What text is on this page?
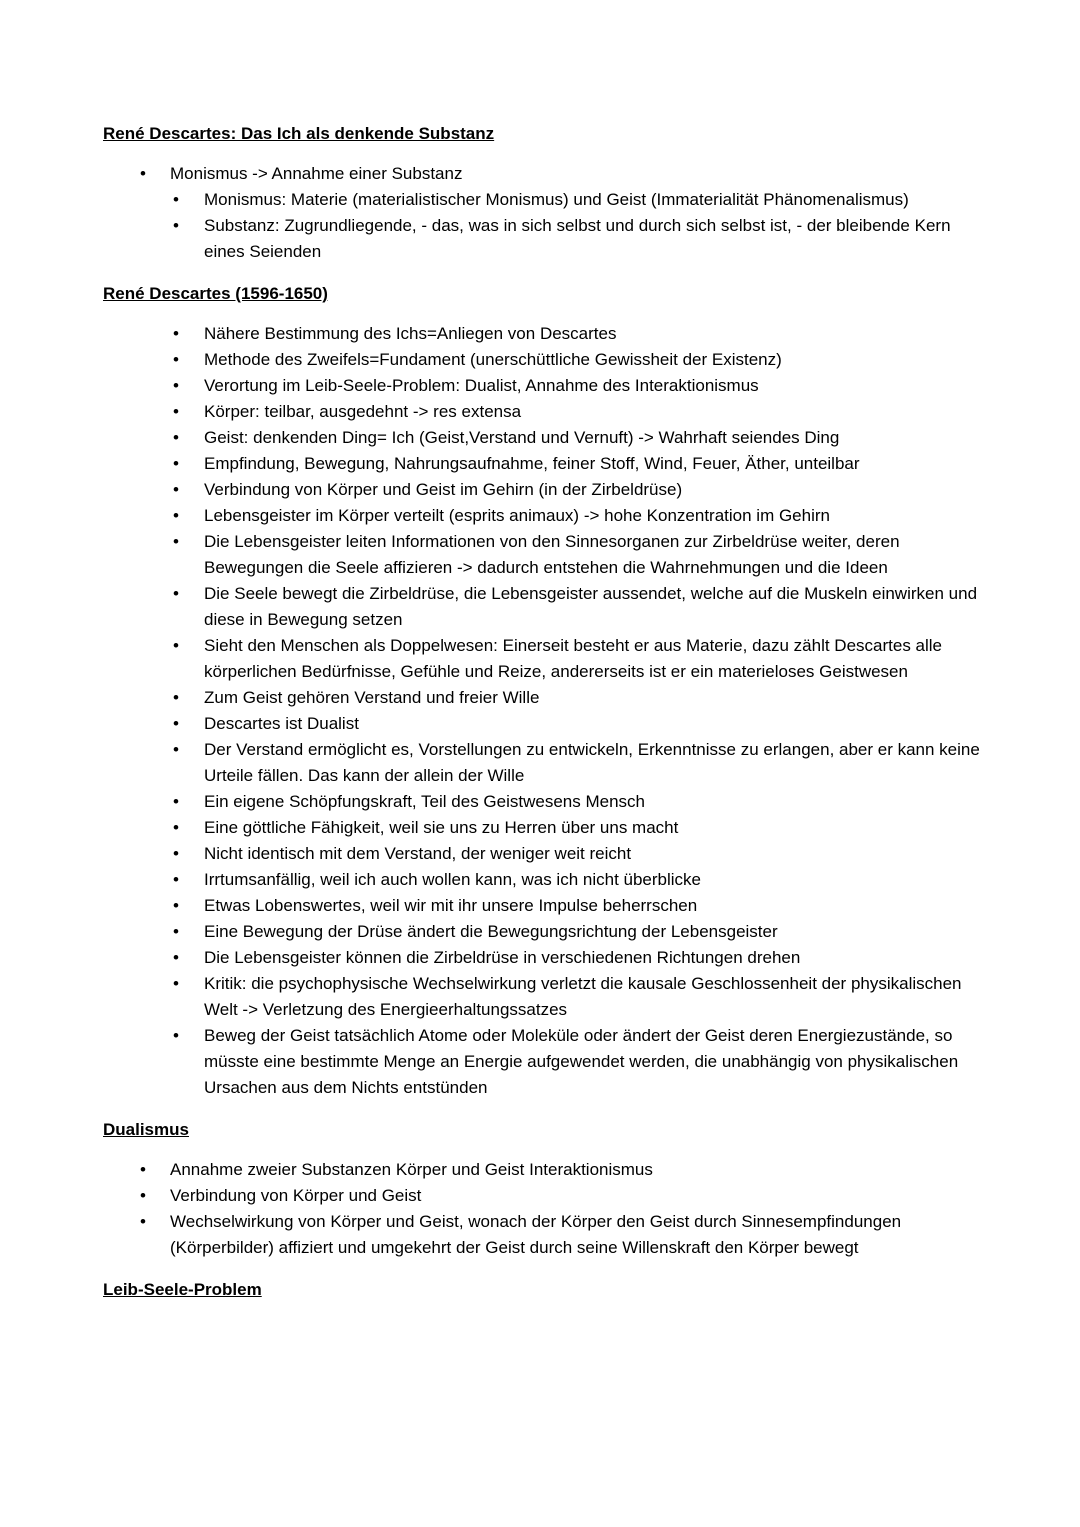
René Descartes: Das Ich als denkende Substanz
• Monismus -> Annahme einer Substanz
• Monismus: Materie (materialistischer Monismus) und Geist (Immaterialität Phänomenalismus)
• Substanz: Zugrundliegende, - das, was in sich selbst und durch sich selbst ist, - der bleibende Kern eines Seienden
René Descartes (1596-1650)
• Nähere Bestimmung des Ichs=Anliegen von Descartes
• Methode des Zweifels=Fundament (unerschüttliche Gewissheit der Existenz)
• Verortung im Leib-Seele-Problem: Dualist, Annahme des Interaktionismus
• Körper: teilbar, ausgedehnt -> res extensa
• Geist: denkenden Ding= Ich (Geist,Verstand und Vernuft) -> Wahrhaft seiendes Ding
• Empfindung, Bewegung, Nahrungsaufnahme, feiner Stoff, Wind, Feuer, Äther, unteilbar
• Verbindung von Körper und Geist im Gehirn (in der Zirbeldrüse)
• Lebensgeister im Körper verteilt (esprits animaux) -> hohe Konzentration im Gehirn
• Die Lebensgeister leiten Informationen von den Sinnesorganen zur Zirbeldrüse weiter, deren Bewegungen die Seele affizieren -> dadurch entstehen die Wahrnehmungen und die Ideen
• Die Seele bewegt die Zirbeldrüse, die Lebensgeister aussendet, welche auf die Muskeln einwirken und diese in Bewegung setzen
• Sieht den Menschen als Doppelwesen: Einerseit besteht er aus Materie, dazu zählt Descartes alle körperlichen Bedürfnisse, Gefühle und Reize, andererseits ist er ein materieloses Geistwesen
• Zum Geist gehören Verstand und freier Wille
• Descartes ist Dualist
• Der Verstand ermöglicht es, Vorstellungen zu entwickeln, Erkenntnisse zu erlangen, aber er kann keine Urteile fällen. Das kann der allein der Wille
• Ein eigene Schöpfungskraft, Teil des Geistwesens Mensch
• Eine göttliche Fähigkeit, weil sie uns zu Herren über uns macht
• Nicht identisch mit dem Verstand, der weniger weit reicht
• Irrtumsanfällig, weil ich auch wollen kann, was ich nicht überblicke
• Etwas Lobenswertes, weil wir mit ihr unsere Impulse beherrschen
• Eine Bewegung der Drüse ändert die Bewegungsrichtung der Lebensgeister
• Die Lebensgeister können die Zirbeldrüse in verschiedenen Richtungen drehen
• Kritik: die psychophysische Wechselwirkung verletzt die kausale Geschlossenheit der physikalischen Welt -> Verletzung des Energieerhaltungssatzes
• Beweg der Geist tatsächlich Atome oder Moleküle oder ändert der Geist deren Energiezustände, so müsste eine bestimmte Menge an Energie aufgewendet werden, die unabhängig von physikalischen Ursachen aus dem Nichts entstünden
Dualismus
• Annahme zweier Substanzen Körper und Geist Interaktionismus
• Verbindung von Körper und Geist
• Wechselwirkung von Körper und Geist, wonach der Körper den Geist durch Sinnesempfindungen (Körperbilder) affiziert und umgekehrt der Geist durch seine Willenskraft den Körper bewegt
Leib-Seele-Problem
